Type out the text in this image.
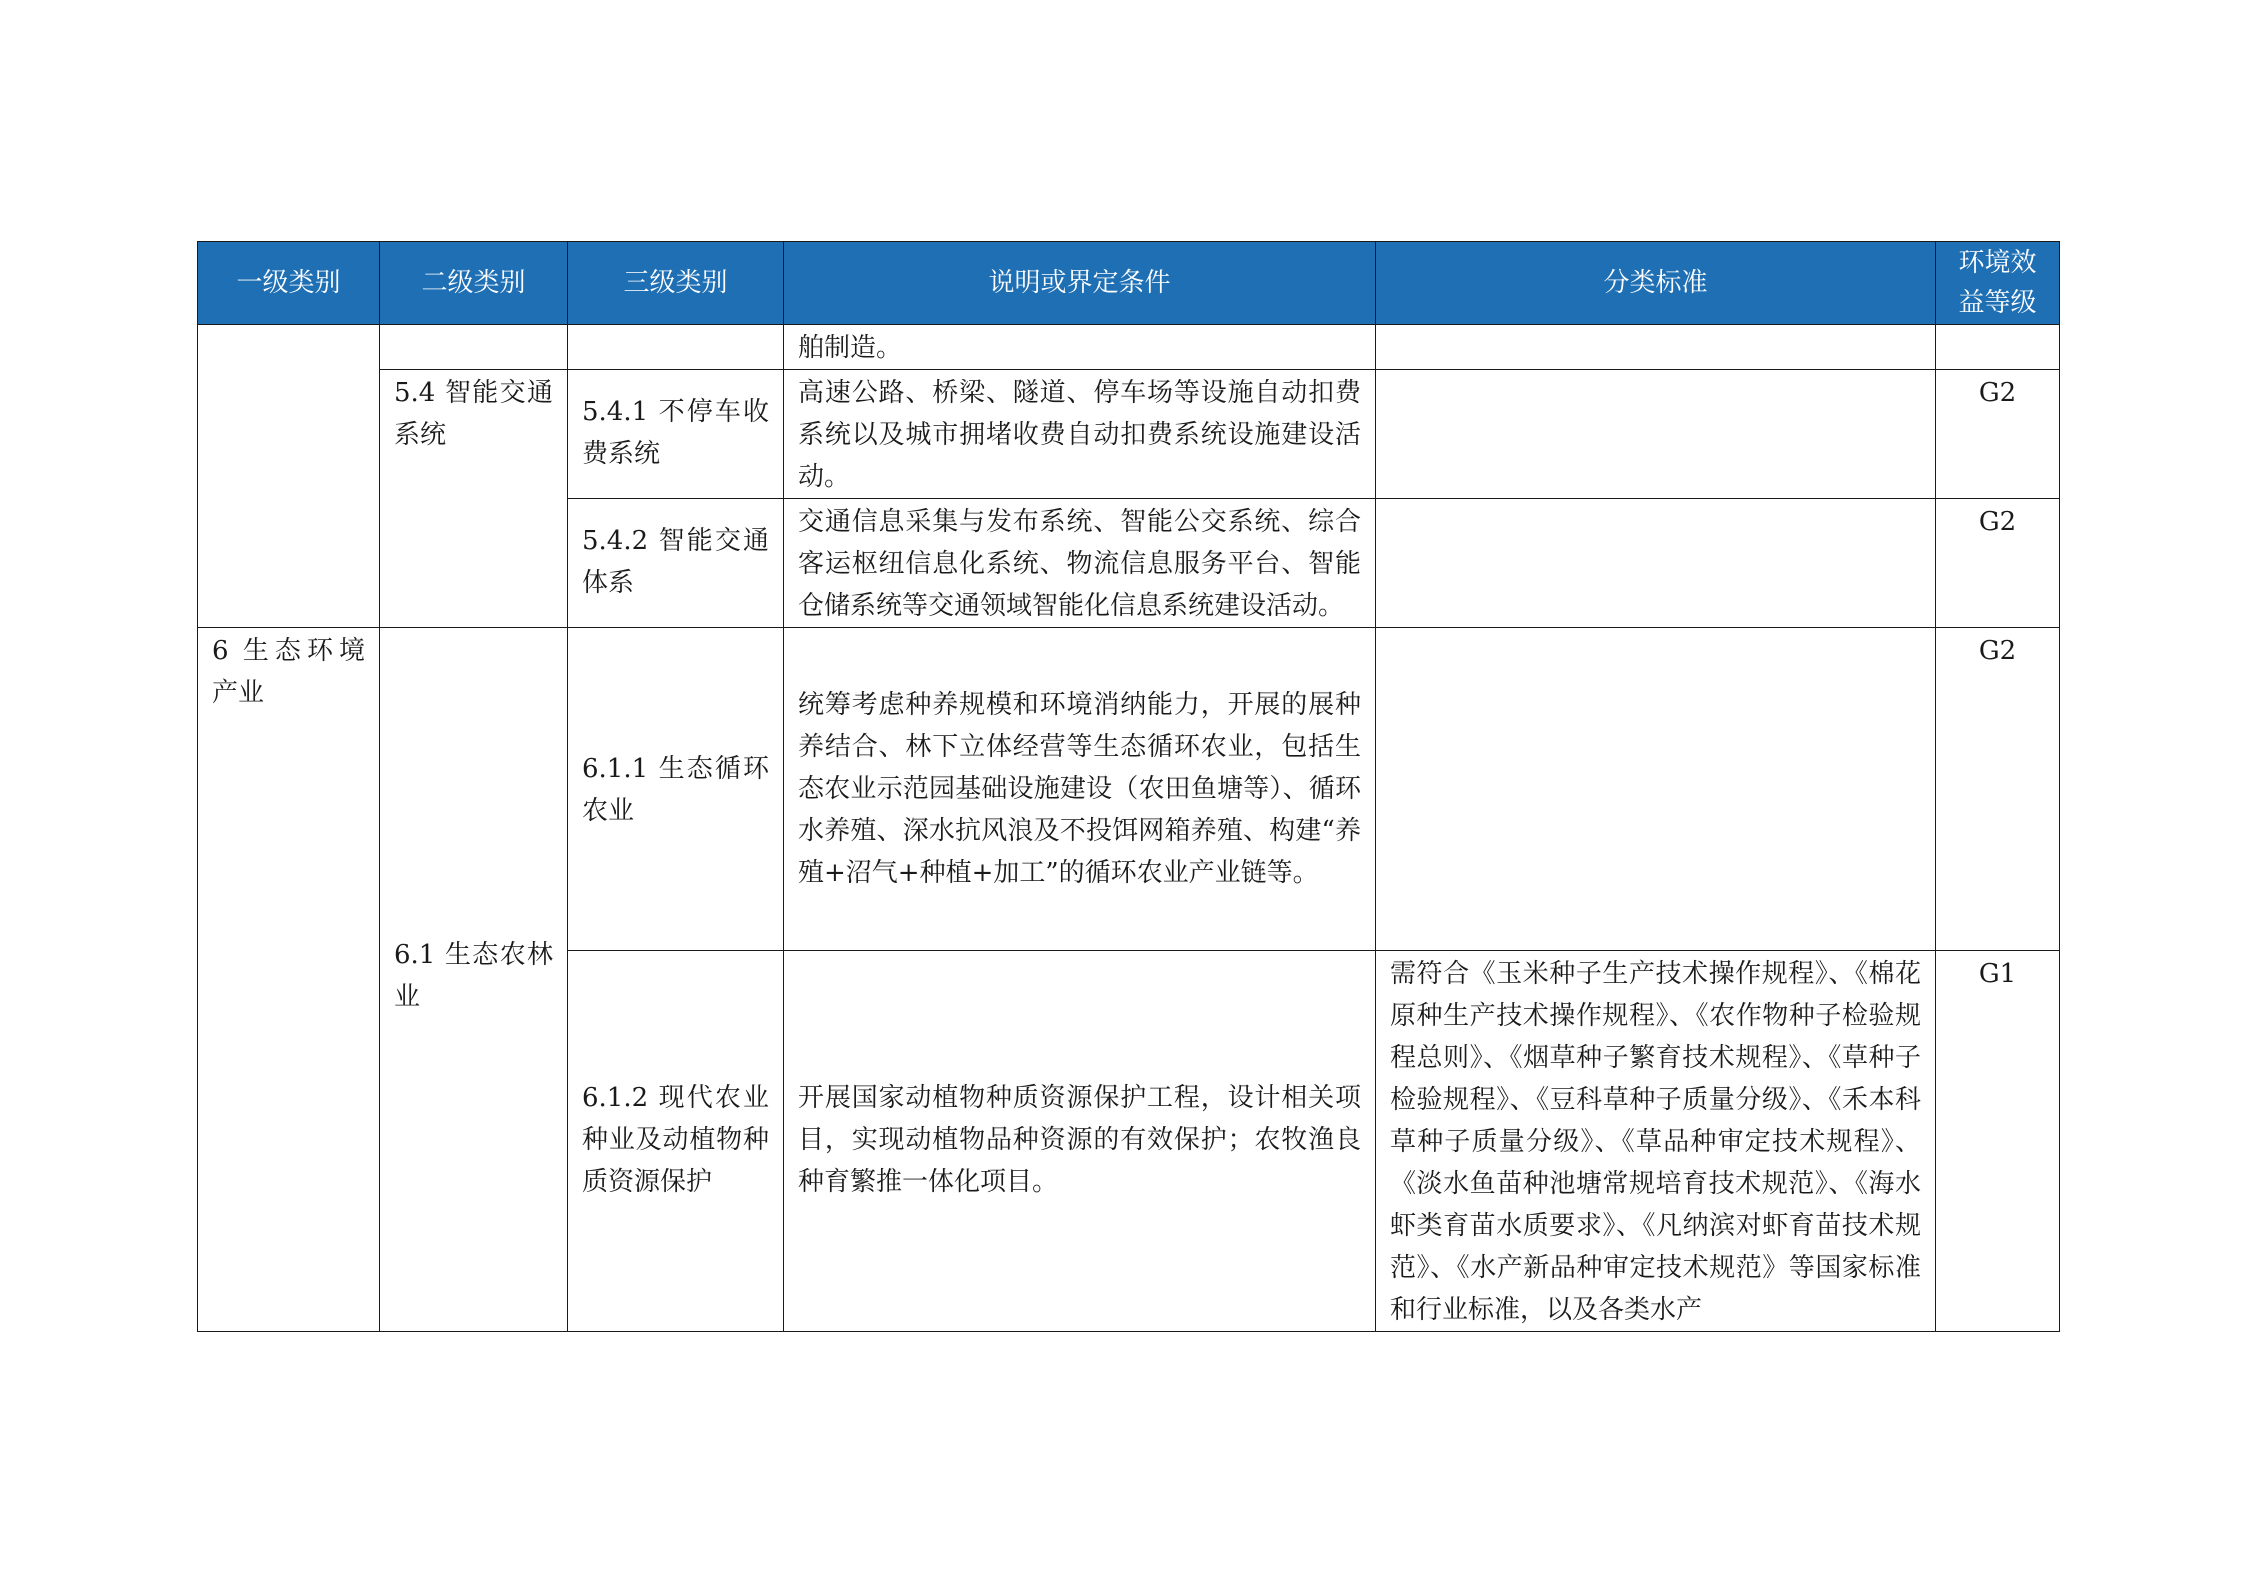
一级类别	二级类别	三级类别	说明或界定条件	分类标准	环境效益等级

			舶制造。		

	5.4 智能交通系统	5.4.1 不停车收费系统	高速公路、桥梁、隧道、停车场等设施自动扣费系统以及城市拥堵收费自动扣费系统设施建设活动。		G2

		5.4.2 智能交通体系	交通信息采集与发布系统、智能公交系统、综合客运枢纽信息化系统、物流信息服务平台、智能仓储系统等交通领域智能化信息系统建设活动。		G2

6 生态环境产业	6.1 生态农林业	6.1.1 生态循环农业	统筹考虑种养规模和环境消纳能力，开展的展种养结合、林下立体经营等生态循环农业，包括生态农业示范园基础设施建设（农田鱼塘等）、循环水养殖、深水抗风浪及不投饵网箱养殖、构建“养殖+沼气+种植+加工”的循环农业产业链等。		G2

		6.1.2 现代农业种业及动植物种质资源保护	开展国家动植物种质资源保护工程，设计相关项目，实现动植物品种资源的有效保护；农牧渔良种育繁推一体化项目。	需符合《玉米种子生产技术操作规程》、《棉花原种生产技术操作规程》、《农作物种子检验规程总则》、《烟草种子繁育技术规程》、《草种子检验规程》、《豆科草种子质量分级》、《禾本科草种子质量分级》、《草品种审定技术规程》、《淡水鱼苗种池塘常规培育技术规范》、《海水虾类育苗水质要求》、《凡纳滨对虾育苗技术规范》、《水产新品种审定技术规范》等国家标准和行业标准，以及各类水产	G1
